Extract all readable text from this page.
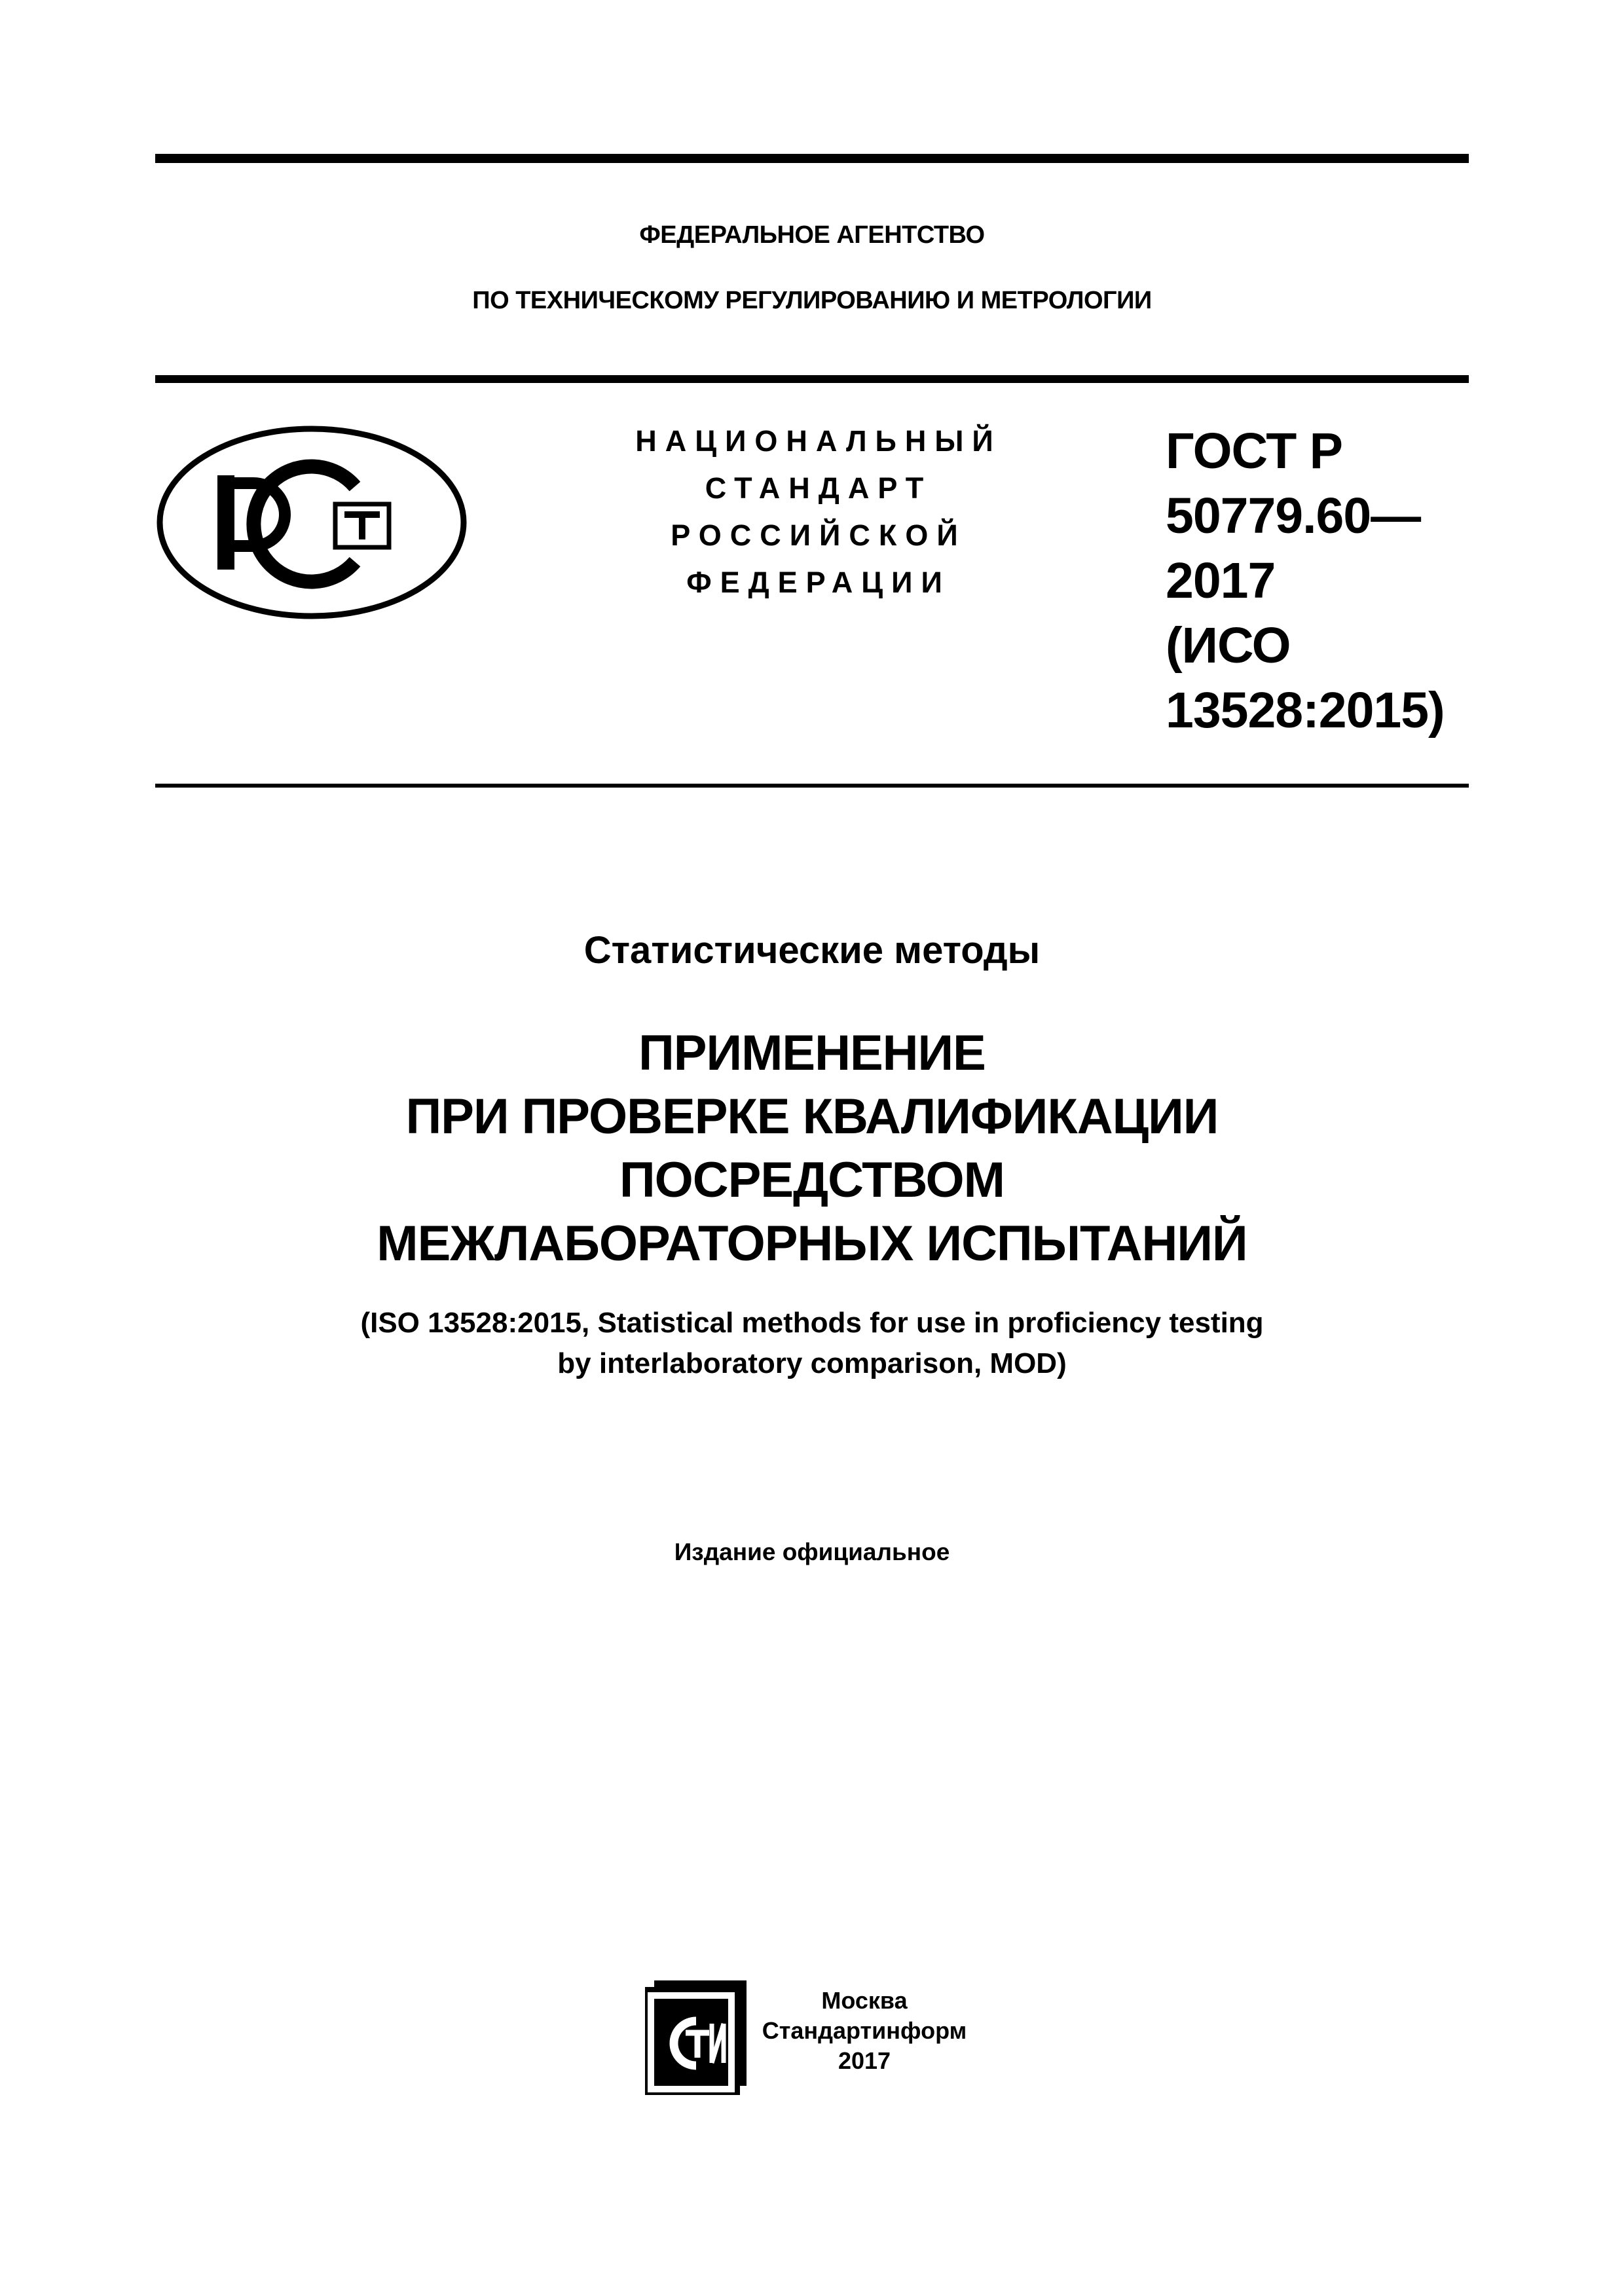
ФЕДЕРАЛЬНОЕ АГЕНТСТВО
ПО ТЕХНИЧЕСКОМУ РЕГУЛИРОВАНИЮ И МЕТРОЛОГИИ
НАЦИОНАЛЬНЫЙ
СТАНДАРТ
РОССИЙСКОЙ
ФЕДЕРАЦИИ
ГОСТ Р
50779.60—
2017
(ИСО
13528:2015)
Статистические методы
ПРИМЕНЕНИЕ
ПРИ ПРОВЕРКЕ КВАЛИФИКАЦИИ
ПОСРЕДСТВОМ
МЕЖЛАБОРАТОРНЫХ ИСПЫТАНИЙ
(ISO 13528:2015, Statistical methods for use in proficiency testing
by interlaboratory comparison, MOD)
Издание официальное
Москва
Стандартинформ
2017
